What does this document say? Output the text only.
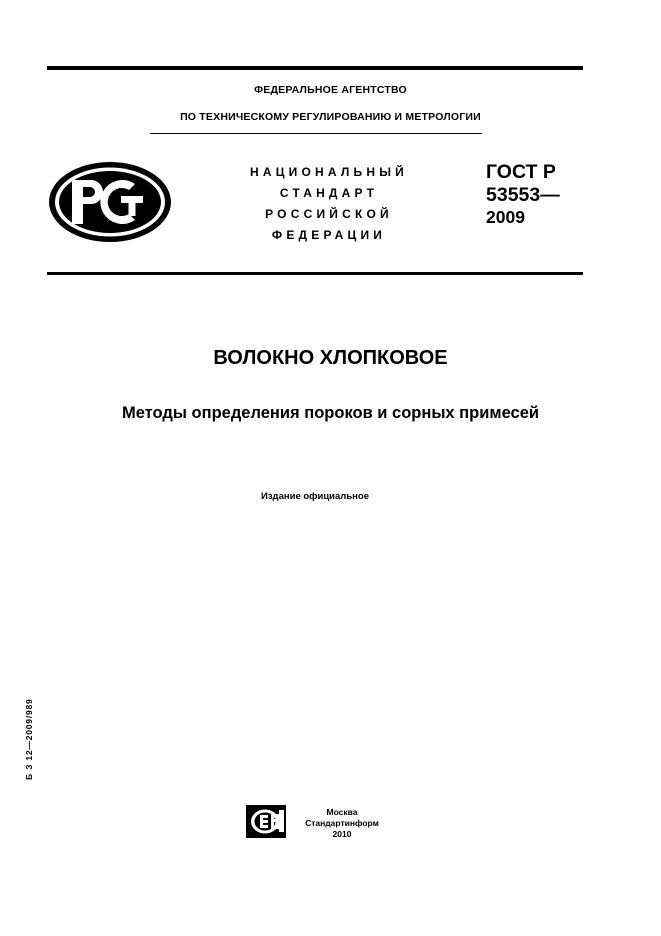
ФЕДЕРАЛЬНОЕ АГЕНТСТВО
ПО ТЕХНИЧЕСКОМУ РЕГУЛИРОВАНИЮ И МЕТРОЛОГИИ
НАЦИОНАЛЬНЫЙ
СТАНДАРТ
РОССИЙСКОЙ
ФЕДЕРАЦИИ
ГОСТ Р
53553—
2009
ВОЛОКНО ХЛОПКОВОЕ
Методы определения пороков и сорных примесей
Издание официальное
Б З 12—2009/989
Москва
Стандартинформ
2010
